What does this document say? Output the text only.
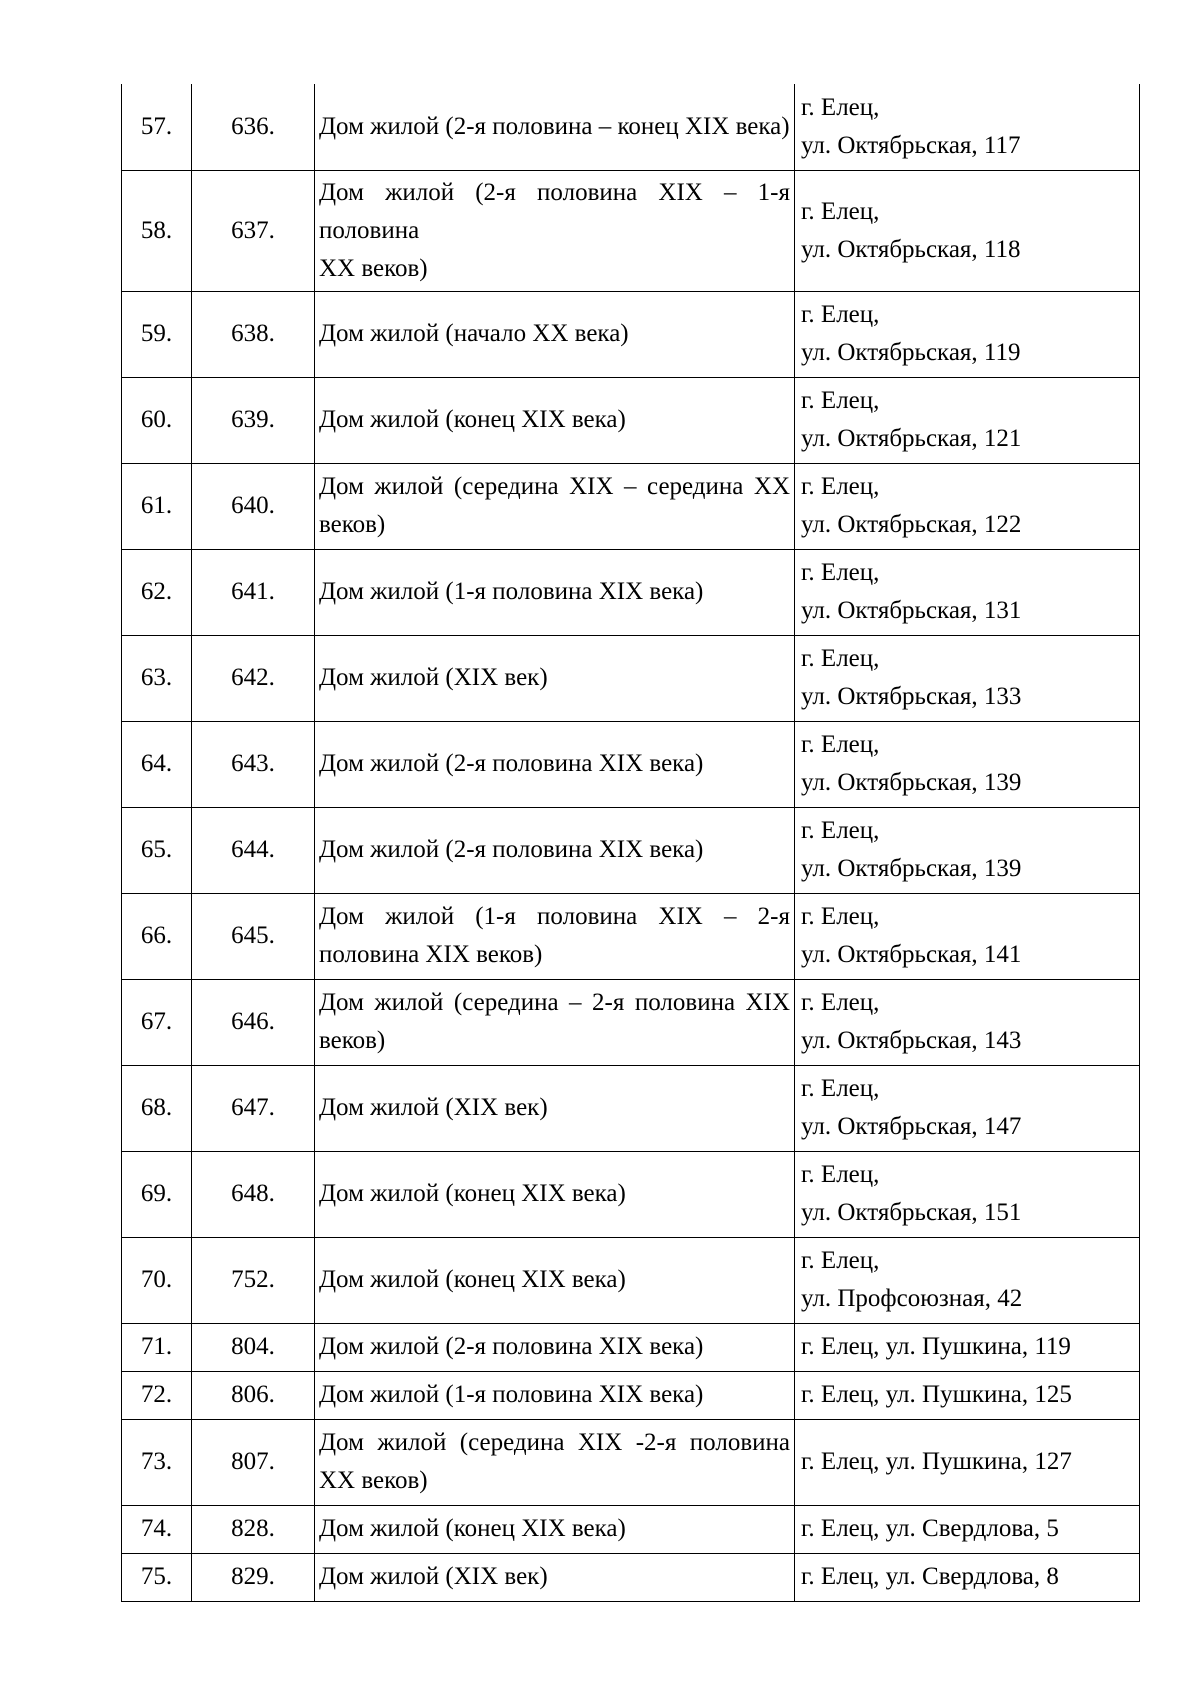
57.	636.	Дом жилой (2-я половина – конец XIX века)	г. Елец,
ул. Октябрьская, 117

58.	637.	Дом жилой (2-я половина XIX – 1-я половина
XX веков)	г. Елец,
ул. Октябрьская, 118

59.	638.	Дом жилой (начало XX века)	г. Елец,
ул. Октябрьская, 119

60.	639.	Дом жилой (конец XIX века)	г. Елец,
ул. Октябрьская, 121

61.	640.	Дом жилой (середина XIX – середина XX веков)	г. Елец,
ул. Октябрьская, 122

62.	641.	Дом жилой (1-я половина XIX века)	г. Елец,
ул. Октябрьская, 131

63.	642.	Дом жилой (XIX век)	г. Елец,
ул. Октябрьская, 133

64.	643.	Дом жилой (2-я половина XIX века)	г. Елец,
ул. Октябрьская, 139

65.	644.	Дом жилой (2-я половина XIX века)	г. Елец,
ул. Октябрьская, 139

66.	645.	Дом жилой (1-я половина XIX – 2-я половина XIX веков)	г. Елец,
ул. Октябрьская, 141

67.	646.	Дом жилой (середина – 2-я половина XIX веков)	г. Елец,
ул. Октябрьская, 143

68.	647.	Дом жилой (XIX век)	г. Елец,
ул. Октябрьская, 147

69.	648.	Дом жилой (конец XIX века)	г. Елец,
ул. Октябрьская, 151

70.	752.	Дом жилой (конец XIX века)	г. Елец,
ул. Профсоюзная, 42

71.	804.	Дом жилой (2-я половина XIX века)	г. Елец, ул. Пушкина, 119

72.	806.	Дом жилой (1-я половина XIX века)	г. Елец, ул. Пушкина, 125

73.	807.	Дом жилой (середина XIX -2-я половина XX веков)	г. Елец, ул. Пушкина, 127

74.	828.	Дом жилой (конец XIX века)	г. Елец, ул. Свердлова, 5

75.	829.	Дом жилой (XIX век)	г. Елец, ул. Свердлова, 8
